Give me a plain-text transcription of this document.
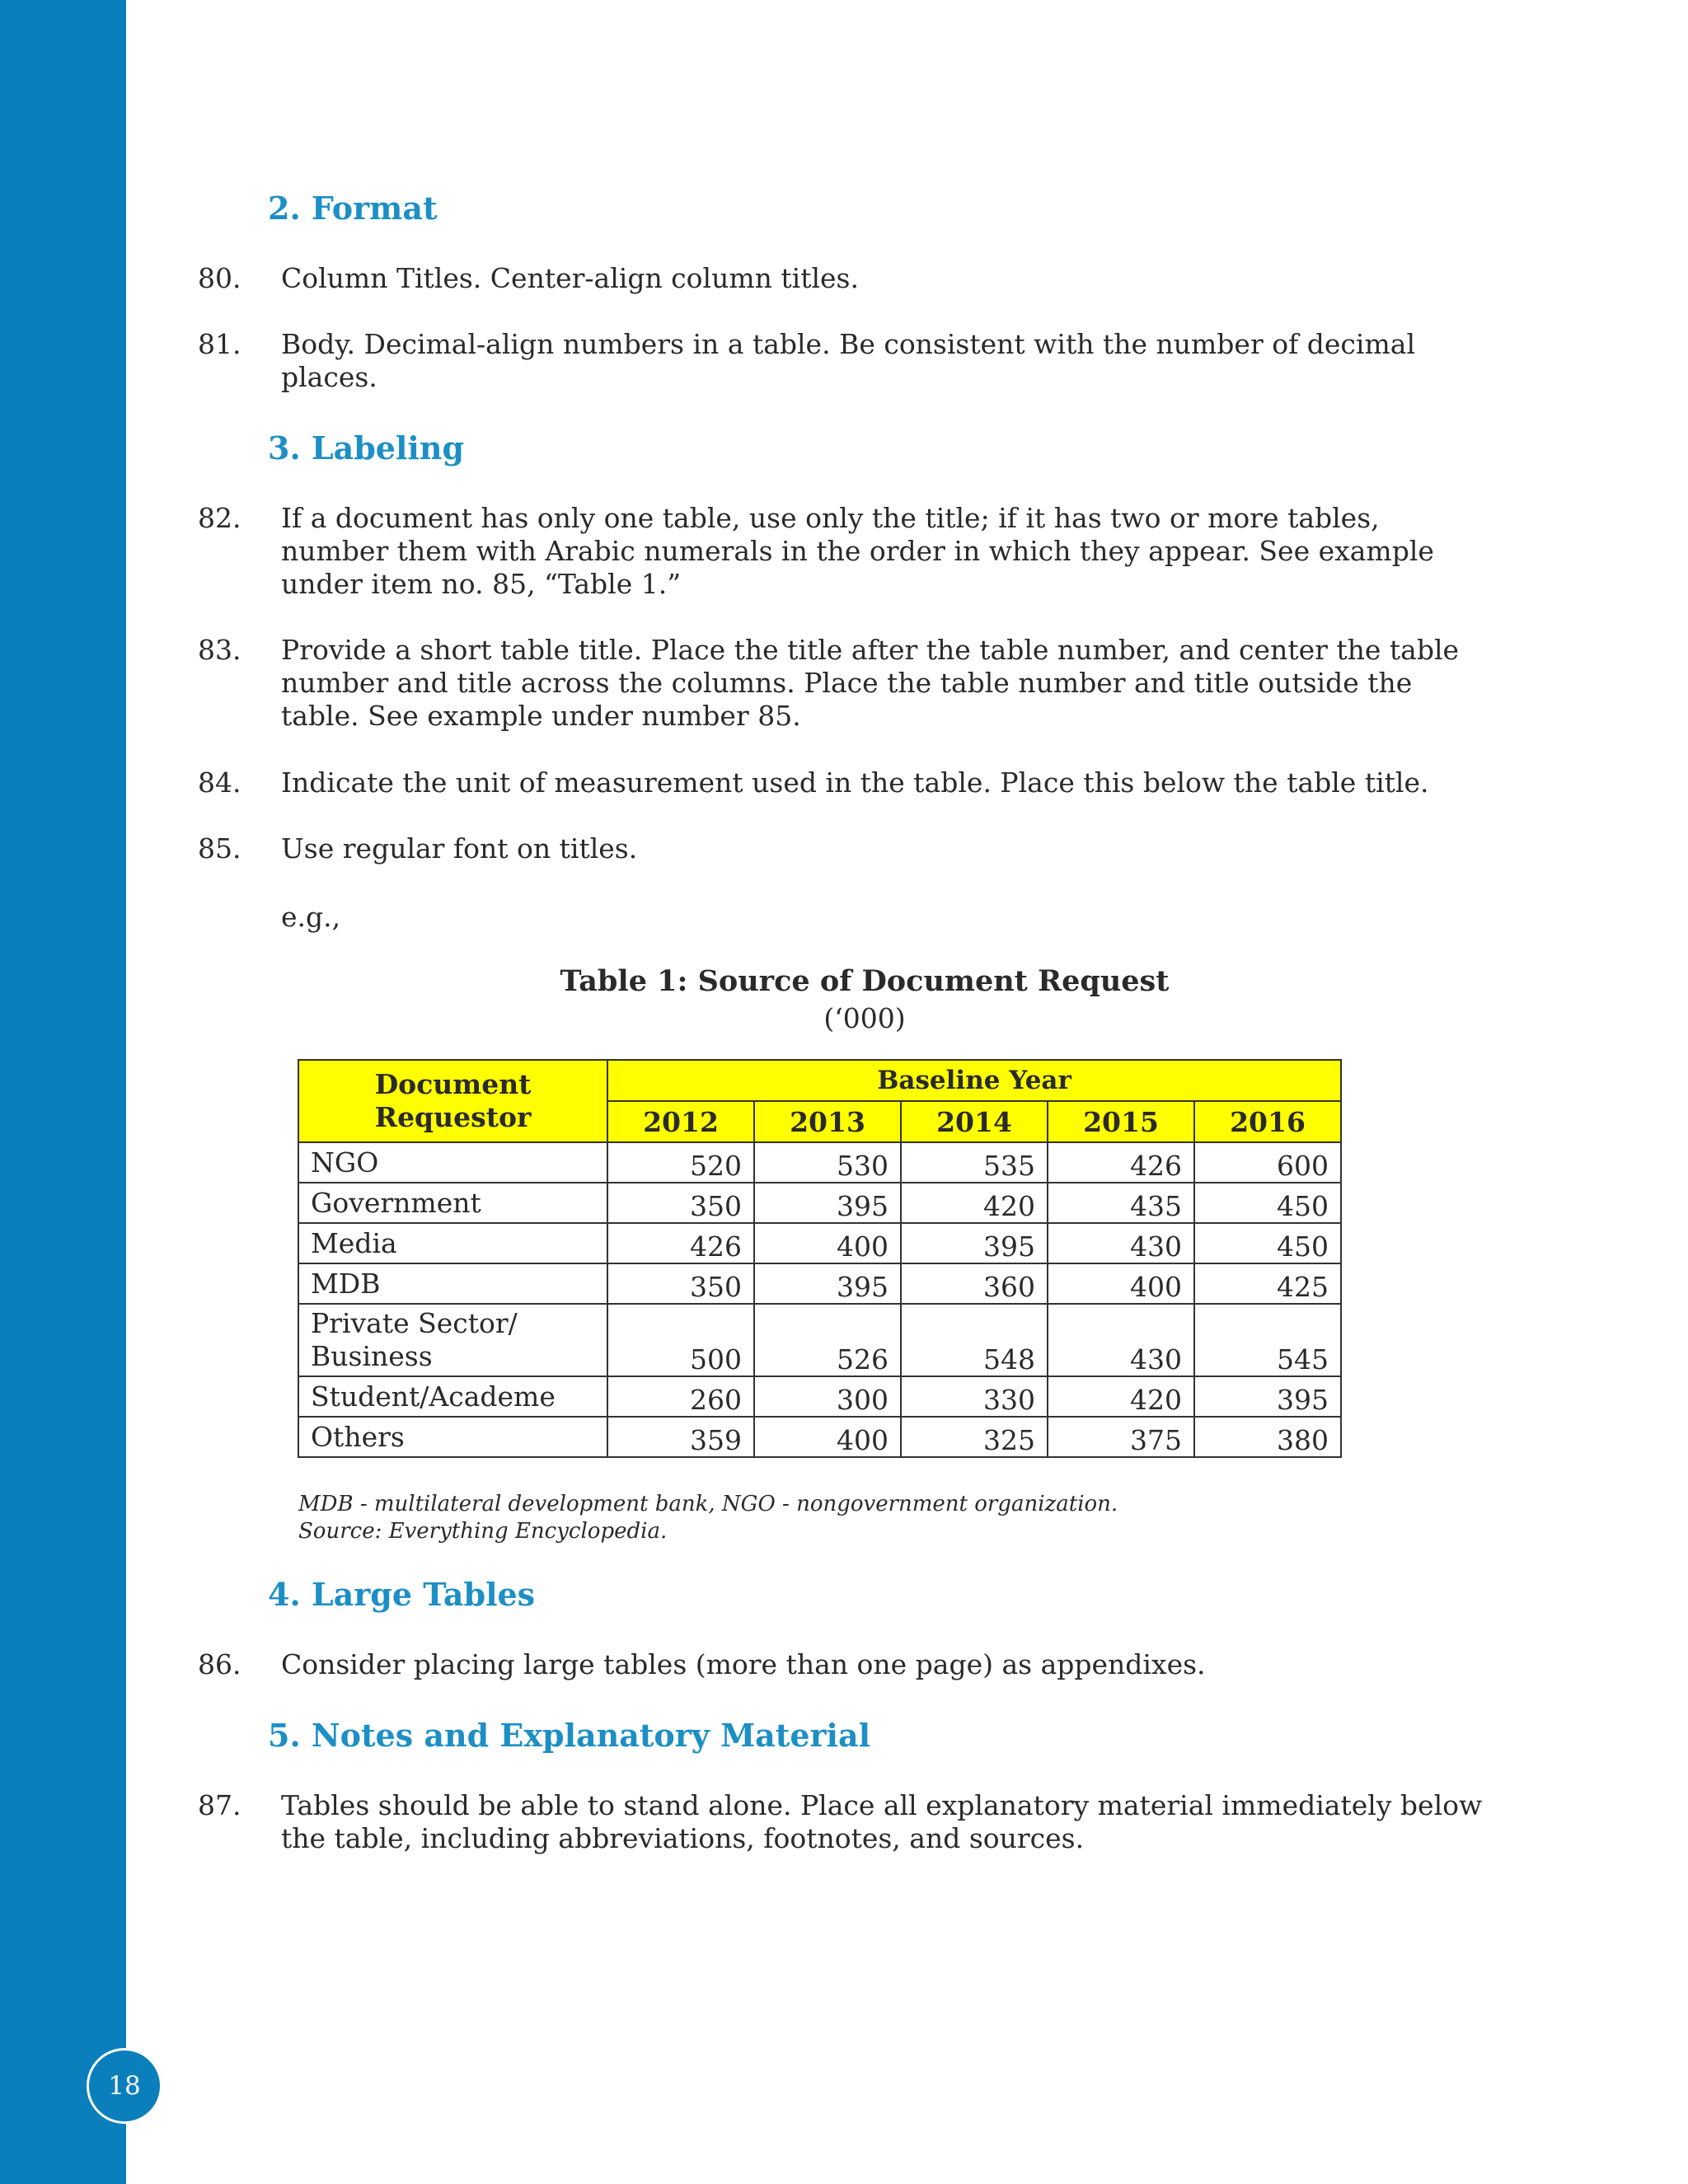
18
2. Format
80. Column Titles. Center-align column titles.
81. Body. Decimal-align numbers in a table. Be consistent with the number of decimal places.
3. Labeling
82. If a document has only one table, use only the title; if it has two or more tables, number them with Arabic numerals in the order in which they appear. See example under item no. 85, “Table 1.”
83. Provide a short table title. Place the title after the table number, and center the table number and title across the columns. Place the table number and title outside the table. See example under number 85.
84. Indicate the unit of measurement used in the table. Place this below the table title.
85. Use regular font on titles.
e.g.,
Table 1: Source of Document Request
(‘000)
Document Requestor	Baseline Year				
	2012	2013	2014	2015	2016
NGO	520	530	535	426	600
Government	350	395	420	435	450
Media	426	400	395	430	450
MDB	350	395	360	400	425
Private Sector/ Business	500	526	548	430	545
Student/Academe	260	300	330	420	395
Others	359	400	325	375	380
MDB - multilateral development bank, NGO - nongovernment organization.
Source: Everything Encyclopedia.
4. Large Tables
86. Consider placing large tables (more than one page) as appendixes.
5. Notes and Explanatory Material
87. Tables should be able to stand alone. Place all explanatory material immediately below the table, including abbreviations, footnotes, and sources.
